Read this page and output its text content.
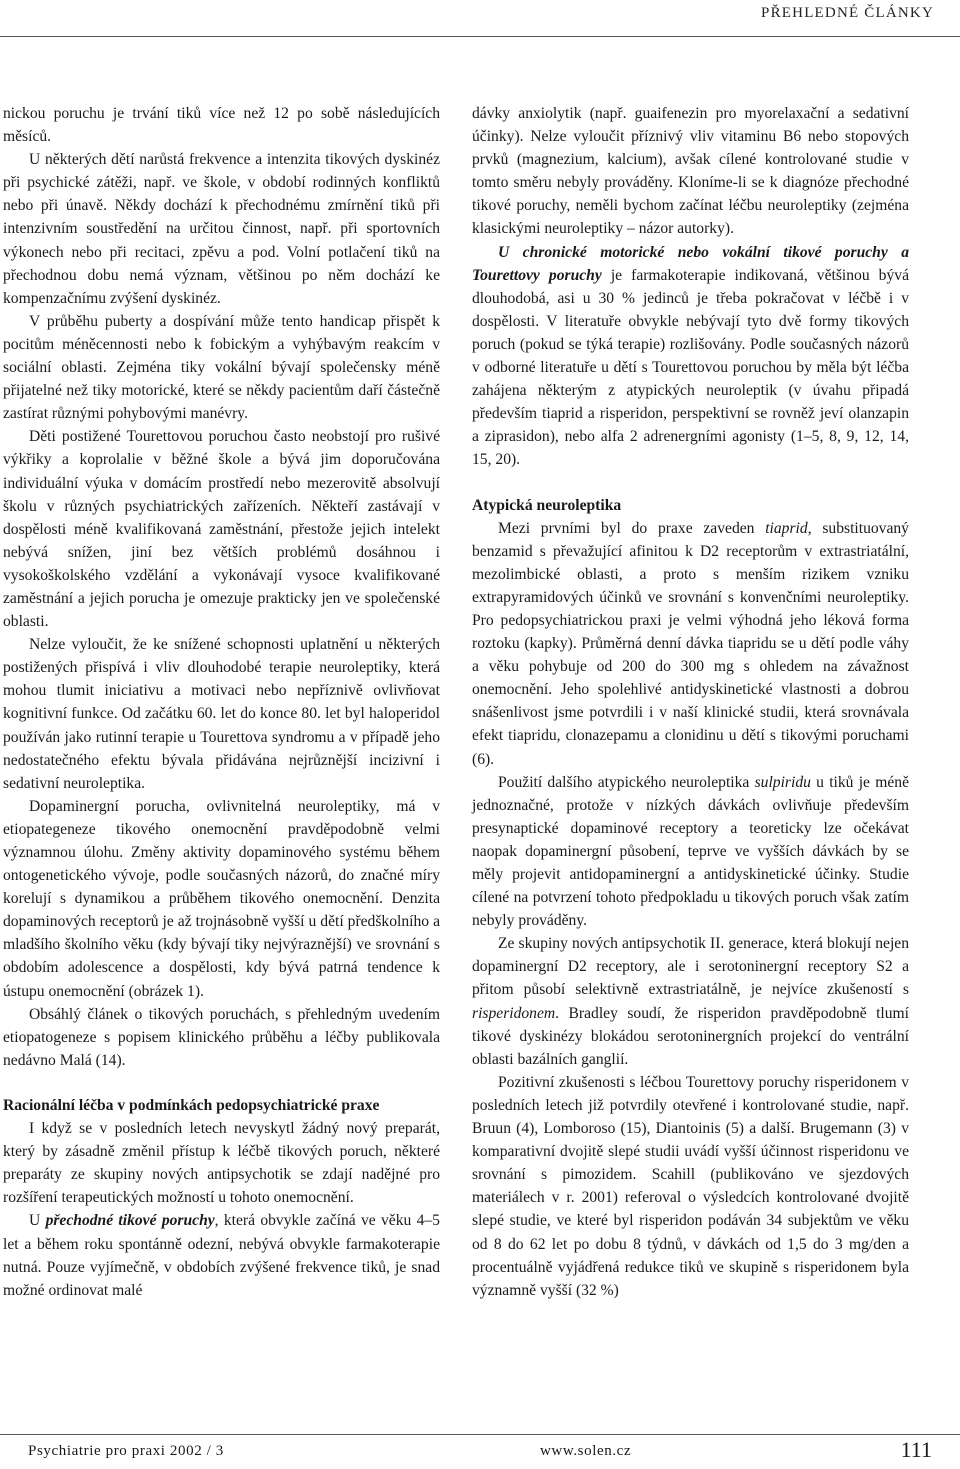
PŘEHLEDNÉ ČLÁNKY

nickou poruchu je trvání tiků více než 12 po sobě následujících měsíců.

U některých dětí narůstá frekvence a intenzita tikových dyskinéz při psychické zátěži, např. ve škole, v období rodinných konfliktů nebo při únavě. Někdy dochází k přechodnému zmírnění tiků při intenzivním soustředění na určitou činnost, např. při sportovních výkonech nebo při recitaci, zpěvu a pod. Volní potlačení tiků na přechodnou dobu nemá význam, většinou po něm dochází ke kompenzačnímu zvýšení dyskinéz.

V průběhu puberty a dospívání může tento handicap přispět k pocitům méněcennosti nebo k fobickým a vyhýbavým reakcím v sociální oblasti. Zejména tiky vokální bývají společensky méně přijatelné než tiky motorické, které se někdy pacientům daří částečně zastírat různými pohybovými manévry.

Děti postižené Tourettovou poruchou často neobstojí pro rušivé výkřiky a koprolalie v běžné škole a bývá jim doporučována individuální výuka v domácím prostředí nebo mezerovitě absolvují školu v různých psychiatrických zařízeních. Někteří zastávají v dospělosti méně kvalifikovaná zaměstnání, přestože jejich intelekt nebývá snížen, jiní bez větších problémů dosáhnou i vysokoškolského vzdělání a vykonávají vysoce kvalifikované zaměstnání a jejich porucha je omezuje prakticky jen ve společenské oblasti.

Nelze vyloučit, že ke snížené schopnosti uplatnění u některých postižených přispívá i vliv dlouhodobé terapie neuroleptiky, která mohou tlumit iniciativu a motivaci nebo nepříznivě ovlivňovat kognitivní funkce. Od začátku 60. let do konce 80. let byl haloperidol používán jako rutinní terapie u Tourettova syndromu a v případě jeho nedostatečného efektu bývala přidávána nejrůznější incizivní i sedativní neuroleptika.

Dopaminergní porucha, ovlivnitelná neuroleptiky, má v etiopategeneze tikového onemocnění pravděpodobně velmi významnou úlohu. Změny aktivity dopaminového systému během ontogenetického vývoje, podle současných názorů, do značné míry korelují s dynamikou a průběhem tikového onemocnění. Denzita dopaminových receptorů je až trojnásobně vyšší u dětí předškolního a mladšího školního věku (kdy bývají tiky nejvýraznější) ve srovnání s obdobím adolescence a dospělosti, kdy bývá patrná tendence k ústupu onemocnění (obrázek 1).

Obsáhlý článek o tikových poruchách, s přehledným uvedením etiopatogeneze s popisem klinického průběhu a léčby publikovala nedávno Malá (14).

Racionální léčba v podmínkách pedopsychiatrické praxe

I když se v posledních letech nevyskytl žádný nový preparát, který by zásadně změnil přístup k léčbě tikových poruch, některé preparáty ze skupiny nových antipsychotik se zdají nadějné pro rozšíření terapeutických možností u tohoto onemocnění.

U přechodné tikové poruchy, která obvykle začíná ve věku 4–5 let a během roku spontánně odezní, nebývá obvykle farmakoterapie nutná. Pouze vyjímečně, v obdobích zvýšené frekvence tiků, je snad možné ordinovat malé

dávky anxiolytik (např. guaifenezin pro myorelaxační a sedativní účinky). Nelze vyloučit příznivý vliv vitaminu B6 nebo stopových prvků (magnezium, kalcium), avšak cílené kontrolované studie v tomto směru nebyly prováděny. Kloníme-li se k diagnóze přechodné tikové poruchy, neměli bychom začínat léčbu neuroleptiky (zejména klasickými neuroleptiky – názor autorky).

U chronické motorické nebo vokální tikové poruchy a Tourettovy poruchy je farmakoterapie indikovaná, většinou bývá dlouhodobá, asi u 30 % jedinců je třeba pokračovat v léčbě i v dospělosti. V literatuře obvykle nebývají tyto dvě formy tikových poruch (pokud se týká terapie) rozlišovány. Podle současných názorů v odborné literatuře u dětí s Tourettovou poruchou by měla být léčba zahájena některým z atypických neuroleptik (v úvahu připadá především tiaprid a risperidon, perspektivní se rovněž jeví olanzapin a ziprasidon), nebo alfa 2 adrenergními agonisty (1–5, 8, 9, 12, 14, 15, 20).

Atypická neuroleptika

Mezi prvními byl do praxe zaveden tiaprid, substituovaný benzamid s převažující afinitou k D2 receptorům v extrastriatální, mezolimbické oblasti, a proto s menším rizikem vzniku extrapyramidových účinků ve srovnání s konvenčními neuroleptiky. Pro pedopsychiatrickou praxi je velmi výhodná jeho léková forma roztoku (kapky). Průměrná denní dávka tiapridu se u dětí podle váhy a věku pohybuje od 200 do 300 mg s ohledem na závažnost onemocnění. Jeho spolehlivé antidyskinetické vlastnosti a dobrou snášenlivost jsme potvrdili i v naší klinické studii, která srovnávala efekt tiapridu, clonazepamu a clonidinu u dětí s tikovými poruchami (6).

Použití dalšího atypického neuroleptika sulpiridu u tiků je méně jednoznačné, protože v nízkých dávkách ovlivňuje především presynaptické dopaminové receptory a teoreticky lze očekávat naopak dopaminergní působení, teprve ve vyšších dávkách by se měly projevit antidopaminergní a antidyskinetické účinky. Studie cílené na potvrzení tohoto předpokladu u tikových poruch však zatím nebyly prováděny.

Ze skupiny nových antipsychotik II. generace, která blokují nejen dopaminergní D2 receptory, ale i serotoninergní receptory S2 a přitom působí selektivně extrastriatálně, je nejvíce zkušeností s risperidonem. Bradley soudí, že risperidon pravděpodobně tlumí tikové dyskinézy blokádou serotoninergních projekcí do ventrální oblasti bazálních ganglií.

Pozitivní zkušenosti s léčbou Tourettovy poruchy risperidonem v posledních letech již potvrdily otevřené i kontrolované studie, např. Bruun (4), Lomboroso (15), Diantoinis (5) a další. Brugemann (3) v komparativní dvojitě slepé studii uvádí vyšší účinnost risperidonu ve srovnání s pimozidem. Scahill (publikováno ve sjezdových materiálech v r. 2001) referoval o výsledcích kontrolované dvojitě slepé studie, ve které byl risperidon podáván 34 subjektům ve věku od 8 do 62 let po dobu 8 týdnů, v dávkách od 1,5 do 3 mg/den a procentuálně vyjádřená redukce tiků ve skupině s risperidonem byla významně vyšší (32 %)

Psychiatrie pro praxi 2002 / 3	www.solen.cz	111
